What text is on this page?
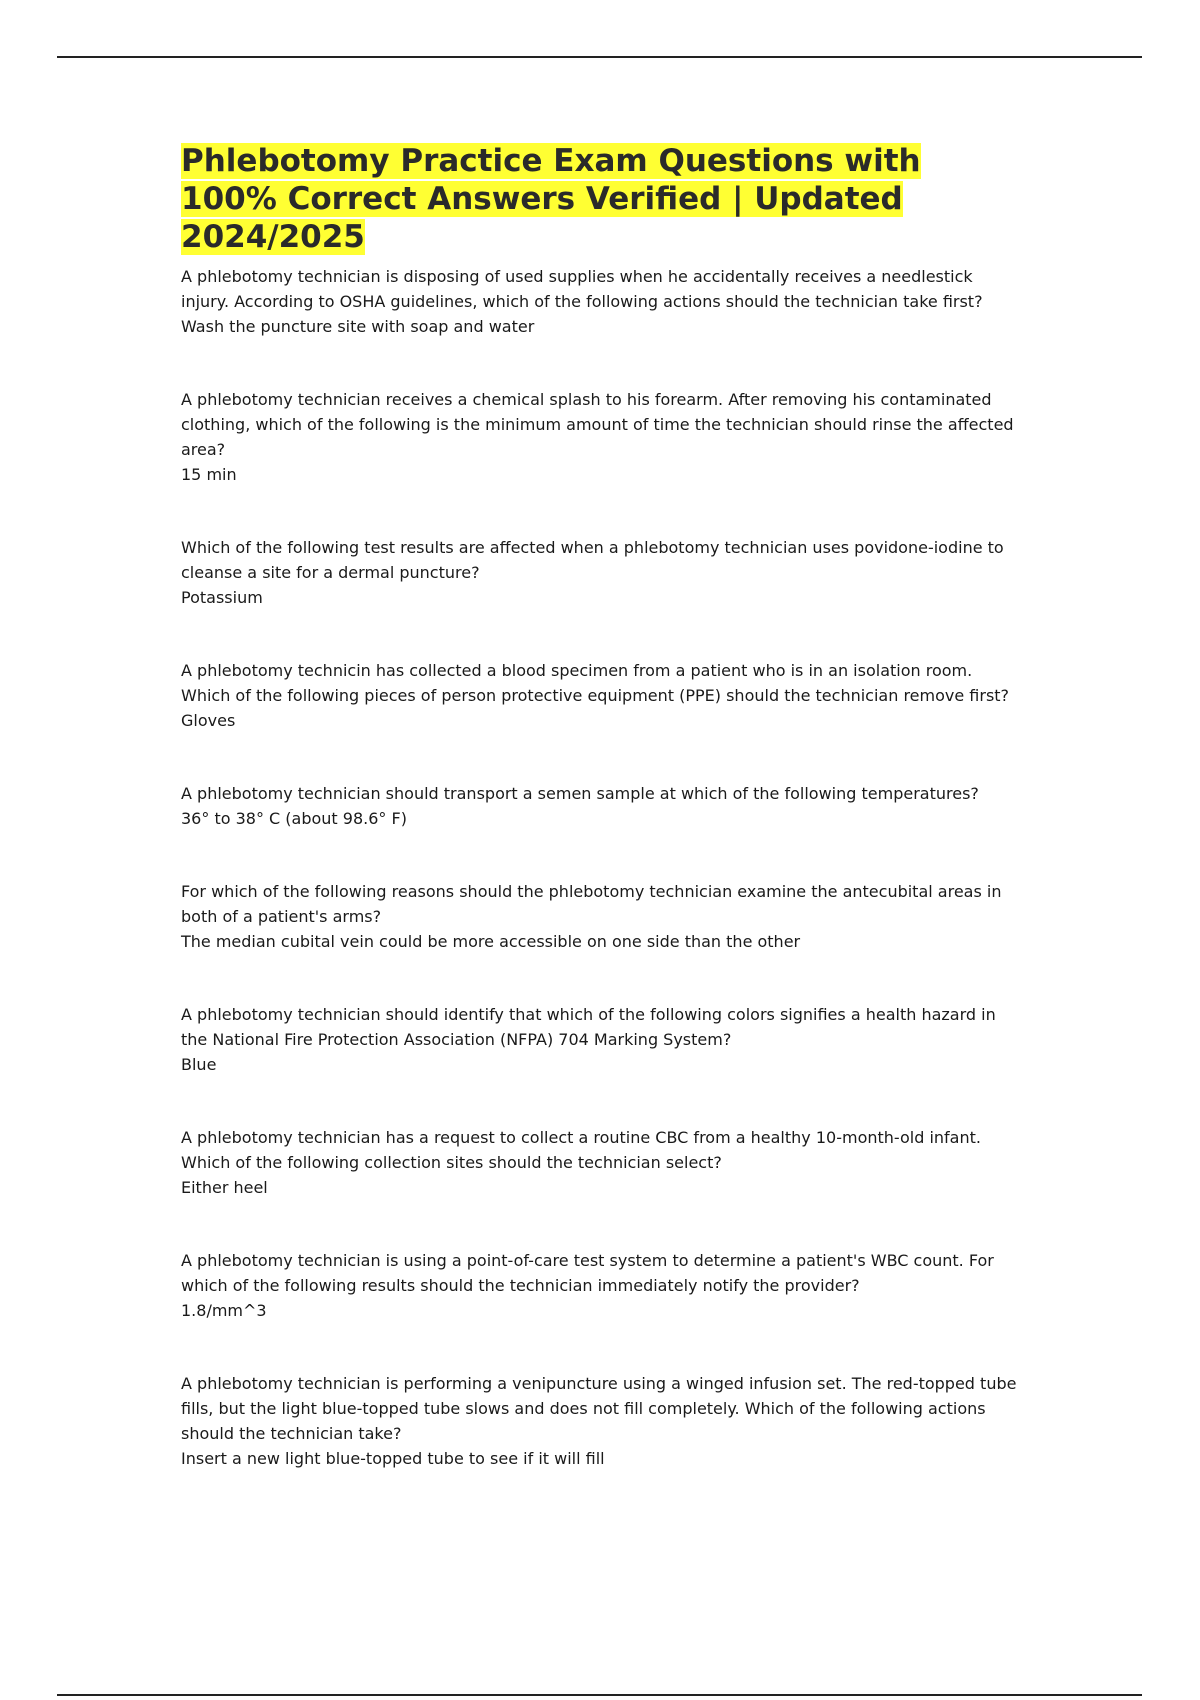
Phlebotomy Practice Exam Questions with 100% Correct Answers Verified | Updated 2024/2025
A phlebotomy technician is disposing of used supplies when he accidentally receives a needlestick injury. According to OSHA guidelines, which of the following actions should the technician take first?
Wash the puncture site with soap and water
A phlebotomy technician receives a chemical splash to his forearm. After removing his contaminated clothing, which of the following is the minimum amount of time the technician should rinse the affected area?
15 min
Which of the following test results are affected when a phlebotomy technician uses povidone-iodine to cleanse a site for a dermal puncture?
Potassium
A phlebotomy technicin has collected a blood specimen from a patient who is in an isolation room. Which of the following pieces of person protective equipment (PPE) should the technician remove first?
Gloves
A phlebotomy technician should transport a semen sample at which of the following temperatures?
36° to 38° C (about 98.6° F)
For which of the following reasons should the phlebotomy technician examine the antecubital areas in both of a patient's arms?
The median cubital vein could be more accessible on one side than the other
A phlebotomy technician should identify that which of the following colors signifies a health hazard in the National Fire Protection Association (NFPA) 704 Marking System?
Blue
A phlebotomy technician has a request to collect a routine CBC from a healthy 10-month-old infant. Which of the following collection sites should the technician select?
Either heel
A phlebotomy technician is using a point-of-care test system to determine a patient's WBC count. For which of the following results should the technician immediately notify the provider?
1.8/mm^3
A phlebotomy technician is performing a venipuncture using a winged infusion set. The red-topped tube fills, but the light blue-topped tube slows and does not fill completely. Which of the following actions should the technician take?
Insert a new light blue-topped tube to see if it will fill
